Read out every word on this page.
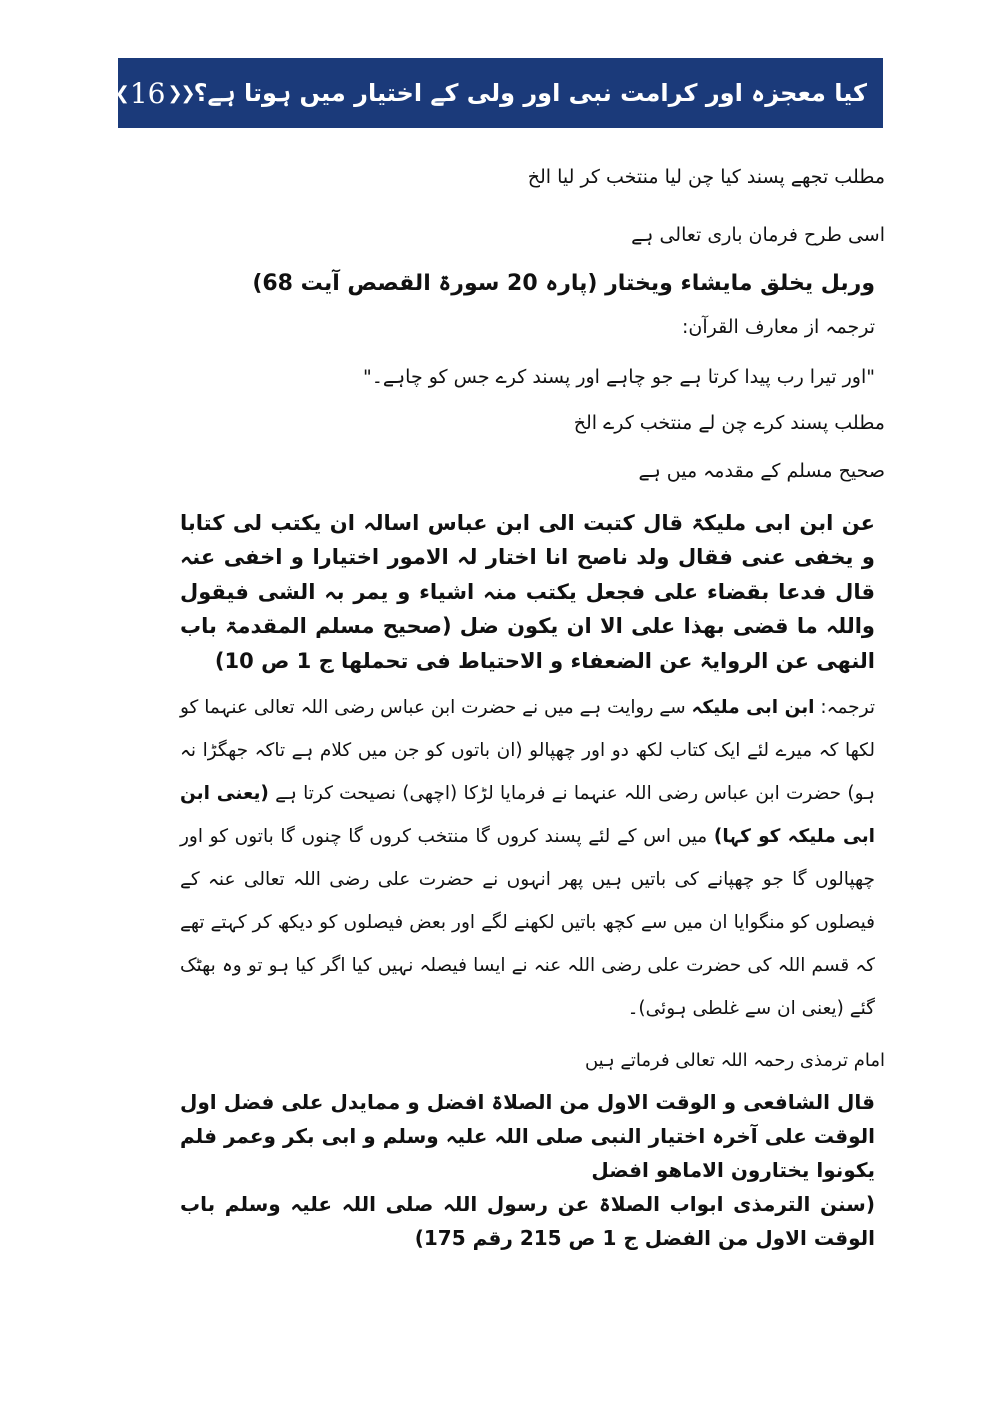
کیا معجزہ اور کرامت نبی اور ولی کے اختیار میں ہوتا ہے؟
❮❮ 16 ❯❯

مطلب تجھے پسند کیا چن لیا منتخب کر لیا الخ

اسی طرح فرمان باری تعالی ہے

وربل یخلق مایشاء ویختار (پارہ 20 سورۃ القصص آیت 68)

ترجمہ از معارف القرآن:

"اور تیرا رب پیدا کرتا ہے جو چاہے اور پسند کرے جس کو چاہے۔"

مطلب پسند کرے چن لے منتخب کرے الخ

صحیح مسلم کے مقدمہ میں ہے

عن ابن ابی ملیکۃ قال کتبت الی ابن عباس اسالہ ان یکتب لی کتابا و یخفی عنی فقال ولد ناصح انا اختار لہ الامور اختیارا و اخفی عنہ قال فدعا بقضاء علی فجعل یکتب منہ اشیاء و یمر بہ الشی فیقول واللہ ما قضی بھذا علی الا ان یکون ضل (صحیح مسلم المقدمۃ باب النھی عن الروایۃ عن الضعفاء و الاحتیاط فی تحملھا ج 1 ص 10)

ترجمہ: ابن ابی ملیکہ سے روایت ہے میں نے حضرت ابن عباس رضی اللہ تعالی عنہما کو لکھا کہ میرے لئے ایک کتاب لکھ دو اور چھپالو (ان باتوں کو جن میں کلام ہے تاکہ جھگڑا نہ ہو) حضرت ابن عباس رضی اللہ عنہما نے فرمایا لڑکا (اچھی) نصیحت کرتا ہے (یعنی ابن ابی ملیکہ کو کہا) میں اس کے لئے پسند کروں گا منتخب کروں گا چنوں گا باتوں کو اور چھپالوں گا جو چھپانے کی باتیں ہیں پھر انہوں نے حضرت علی رضی اللہ تعالی عنہ کے فیصلوں کو منگوایا ان میں سے کچھ باتیں لکھنے لگے اور بعض فیصلوں کو دیکھ کر کہتے تھے کہ قسم اللہ کی حضرت علی رضی اللہ عنہ نے ایسا فیصلہ نہیں کیا اگر کیا ہو تو وہ بھٹک گئے (یعنی ان سے غلطی ہوئی)۔

امام ترمذی رحمہ اللہ تعالی فرماتے ہیں

قال الشافعی و الوقت الاول من الصلاۃ افضل و ممایدل علی فضل اول الوقت علی آخرہ اختیار النبی صلی اللہ علیہ وسلم و ابی بکر وعمر فلم یکونوا یختارون الاماھو افضل

(سنن الترمذی ابواب الصلاۃ عن رسول اللہ صلی اللہ علیہ وسلم باب الوقت الاول من الفضل ج 1 ص 215 رقم 175)
